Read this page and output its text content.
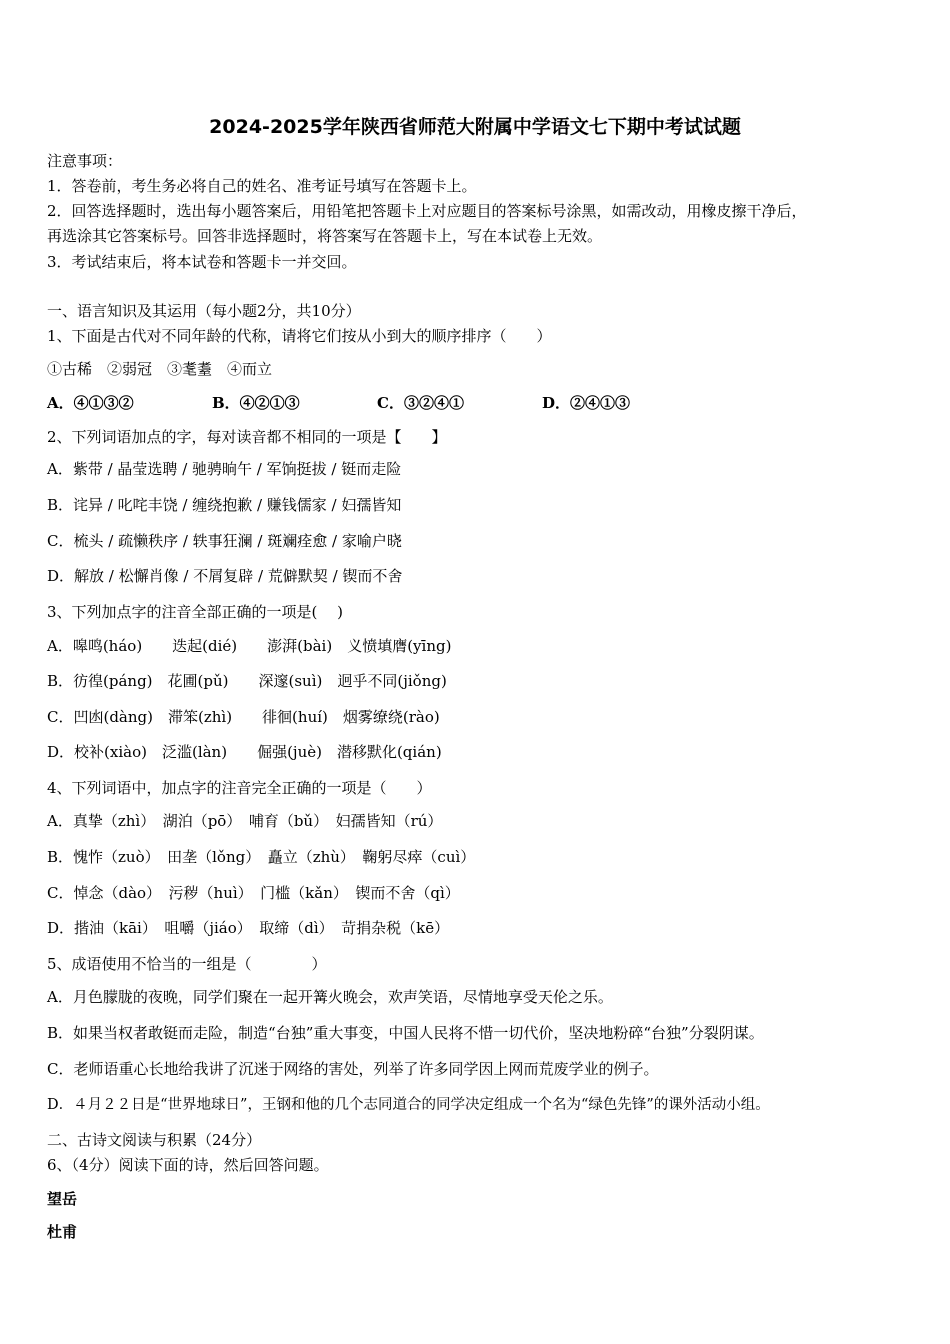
2024-2025学年陕西省师范大附属中学语文七下期中考试试题
注意事项：
1．答卷前，考生务必将自己的姓名、准考证号填写在答题卡上。
2．回答选择题时，选出每小题答案后，用铅笔把答题卡上对应题目的答案标号涂黑，如需改动，用橡皮擦干净后，
再选涂其它答案标号。回答非选择题时，将答案写在答题卡上，写在本试卷上无效。
3．考试结束后，将本试卷和答题卡一并交回。
一、语言知识及其运用（每小题2分，共10分）
1、下面是古代对不同年龄的代称，请将它们按从小到大的顺序排序（　　）
①古稀　②弱冠　③耄耋　④而立
A．④①③②	B．④②①③	C．③②④①	D．②④①③
2、下列词语加点的字，每对读音都不相同的一项是【　　】
A．紫带 / 晶莹选聘 / 驰骋晌午 / 军饷挺拔 / 铤而走险
B．诧异 / 叱咤丰饶 / 缠绕抱歉 / 赚钱儒家 / 妇孺皆知
C．梳头 / 疏懒秩序 / 轶事狂澜 / 斑斓痊愈 / 家喻户晓
D．解放 / 松懈肖像 / 不屑复辟 / 荒僻默契 / 锲而不舍
3、下列加点字的注音全部正确的一项是(　 )
A．嗥鸣(háo)　　迭起(dié)　　澎湃(bài)　义愤填膺(yīng)
B．彷徨(páng)　花圃(pǔ)　　深邃(suì)　迥乎不同(jiǒng)
C．凹凼(dàng)　滞笨(zhì)　　徘徊(huí)　烟雾缭绕(rào)
D．校补(xiào)　泛滥(làn)　　倔强(juè)　潜移默化(qián)
4、下列词语中，加点字的注音完全正确的一项是（　　）
A．真挚（zhì）　湖泊（pō）　哺育（bǔ）　妇孺皆知（rú）
B．愧怍（zuò）　田垄（lǒng）　矗立（zhù）　鞠躬尽瘁（cuì）
C．悼念（dào）　污秽（huì）　门槛（kǎn）　锲而不舍（qì）
D．揩油（kāi）　咀嚼（jiáo）　取缔（dì）　苛捐杂税（kē）
5、成语使用不恰当的一组是（　　　　）
A．月色朦胧的夜晚，同学们聚在一起开篝火晚会，欢声笑语，尽情地享受天伦之乐。
B．如果当权者敢铤而走险，制造“台独”重大事变，中国人民将不惜一切代价，坚决地粉碎“台独”分裂阴谋。
C．老师语重心长地给我讲了沉迷于网络的害处，列举了许多同学因上网而荒废学业的例子。
D．４月２２日是“世界地球日”，王钢和他的几个志同道合的同学决定组成一个名为“绿色先锋”的课外活动小组。
二、古诗文阅读与积累（24分）
6、（4分）阅读下面的诗，然后回答问题。
望岳
杜甫
